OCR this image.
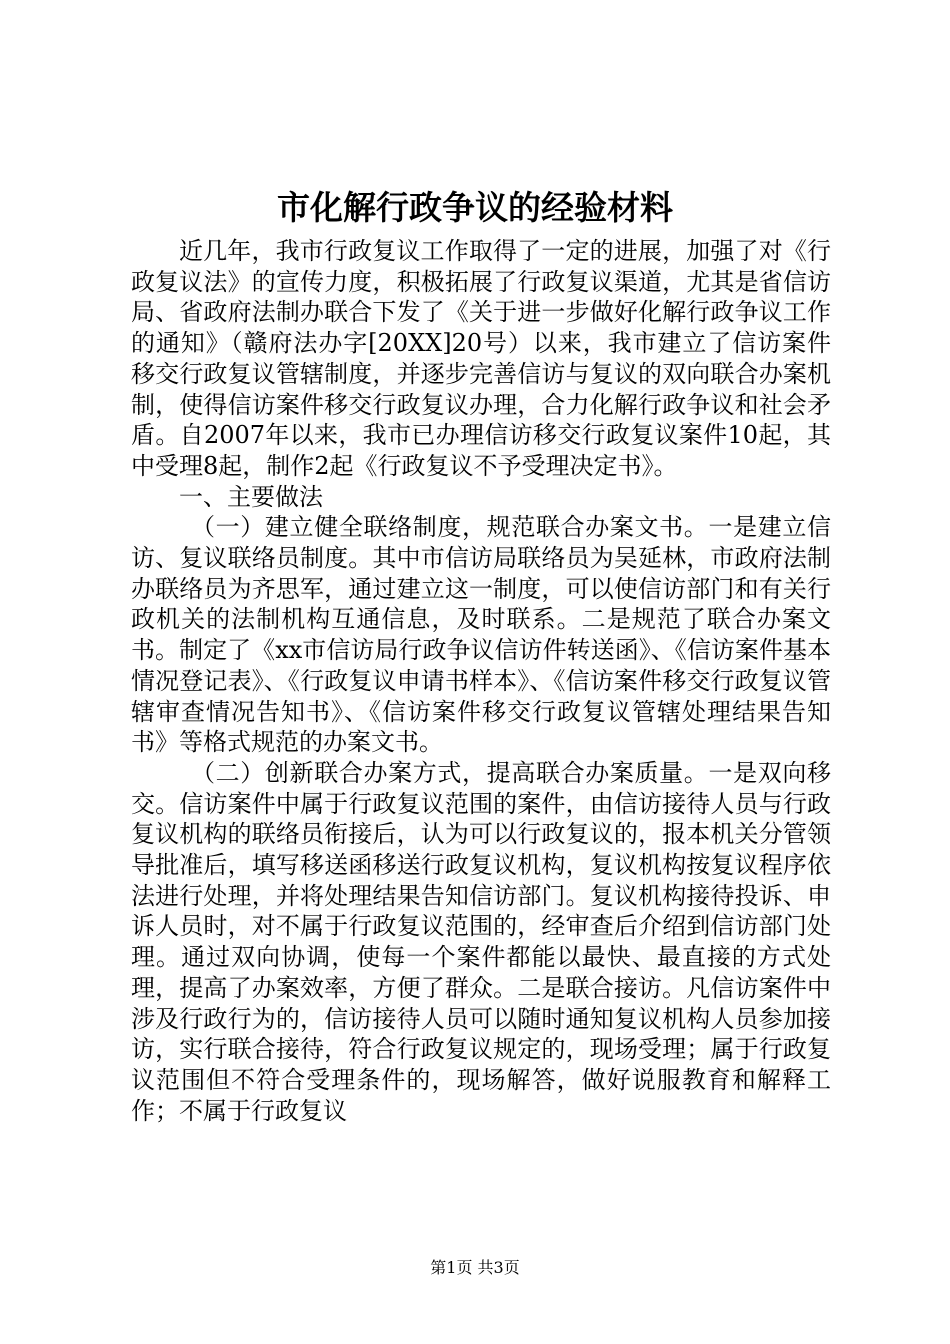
市化解行政争议的经验材料

近几年，我市行政复议工作取得了一定的进展，加强了对《行政复议法》的宣传力度，积极拓展了行政复议渠道，尤其是省信访局、省政府法制办联合下发了《关于进一步做好化解行政争议工作的通知》（赣府法办字[20XX]20号）以来，我市建立了信访案件移交行政复议管辖制度，并逐步完善信访与复议的双向联合办案机制，使得信访案件移交行政复议办理，合力化解行政争议和社会矛盾。自2007年以来，我市已办理信访移交行政复议案件10起，其中受理8起，制作2起《行政复议不予受理决定书》。

一、主要做法

（一）建立健全联络制度，规范联合办案文书。一是建立信访、复议联络员制度。其中市信访局联络员为吴延林，市政府法制办联络员为齐思军，通过建立这一制度，可以使信访部门和有关行政机关的法制机构互通信息，及时联系。二是规范了联合办案文书。制定了《xx市信访局行政争议信访件转送函》、《信访案件基本情况登记表》、《行政复议申请书样本》、《信访案件移交行政复议管辖审查情况告知书》、《信访案件移交行政复议管辖处理结果告知书》等格式规范的办案文书。

（二）创新联合办案方式，提高联合办案质量。一是双向移交。信访案件中属于行政复议范围的案件，由信访接待人员与行政复议机构的联络员衔接后，认为可以行政复议的，报本机关分管领导批准后，填写移送函移送行政复议机构，复议机构按复议程序依法进行处理，并将处理结果告知信访部门。复议机构接待投诉、申诉人员时，对不属于行政复议范围的，经审查后介绍到信访部门处理。通过双向协调，使每一个案件都能以最快、最直接的方式处理，提高了办案效率，方便了群众。二是联合接访。凡信访案件中涉及行政行为的，信访接待人员可以随时通知复议机构人员参加接访，实行联合接待，符合行政复议规定的，现场受理；属于行政复议范围但不符合受理条件的，现场解答，做好说服教育和解释工作；不属于行政复议

第1页 共3页
